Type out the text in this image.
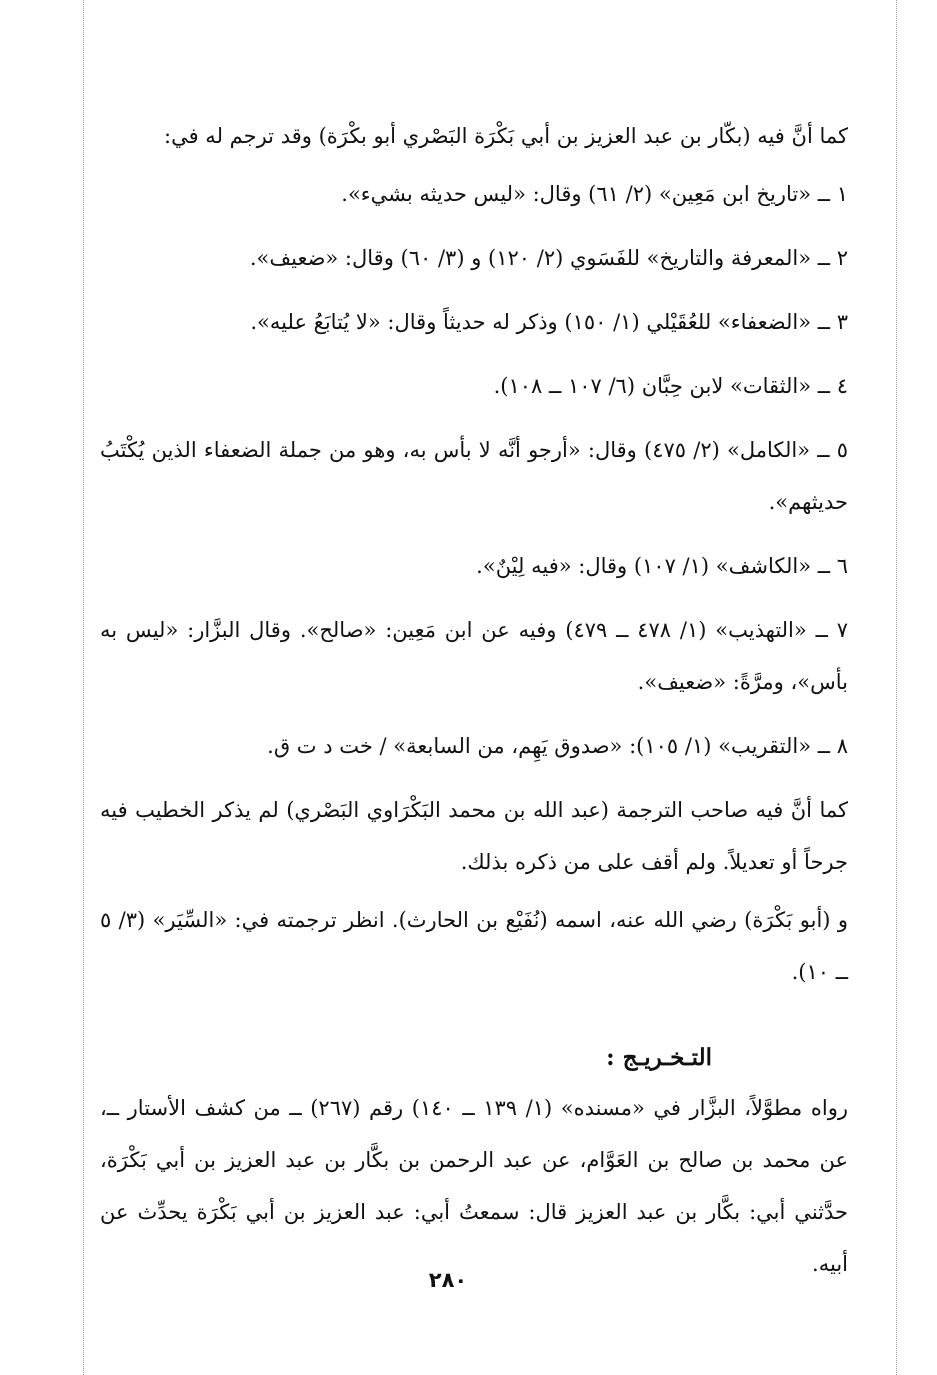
كما أنَّ فيه (بكّار بن عبد العزيز بن أبي بَكْرَة البَصْري أبو بكْرَة) وقد ترجم له في:

١ ــ «تاريخ ابن مَعِين» (٢/ ٦١) وقال: «ليس حديثه بشيء».

٢ ــ «المعرفة والتاريخ» للفَسَوي (٢/ ١٢٠) و (٣/ ٦٠) وقال: «ضعيف».

٣ ــ «الضعفاء» للعُقَيْلي (١/ ١٥٠) وذكر له حديثاً وقال: «لا يُتابَعُ عليه».

٤ ــ «الثقات» لابن حِبَّان (٦/ ١٠٧ ــ ١٠٨).

٥ ــ «الكامل» (٢/ ٤٧٥) وقال: «أرجو أنَّه لا بأس به، وهو من جملة الضعفاء الذين يُكْتَبُ حديثهم».

٦ ــ «الكاشف» (١/ ١٠٧) وقال: «فيه لِيْنٌ».

٧ ــ «التهذيب» (١/ ٤٧٨ ــ ٤٧٩) وفيه عن ابن مَعِين: «صالح». وقال البزَّار: «ليس به بأس»، ومرَّةً: «ضعيف».

٨ ــ «التقريب» (١/ ١٠٥): «صدوق يَهِم، من السابعة» / خت د ت ق.

كما أنَّ فيه صاحب الترجمة (عبد الله بن محمد البَكْرَاوي البَصْري) لم يذكر الخطيب فيه جرحاً أو تعديلاً. ولم أقف على من ذكره بذلك.

و (أبو بَكْرَة) رضي الله عنه، اسمه (نُفَيْع بن الحارث). انظر ترجمته في: «السِّيَر» (٣/ ٥ ــ ١٠).

التـخـريـج :

رواه مطوَّلاً، البزَّار في «مسنده» (١/ ١٣٩ ــ ١٤٠) رقم (٢٦٧) ــ من كشف الأستار ــ، عن محمد بن صالح بن العَوَّام، عن عبد الرحمن بن بكَّار بن عبد العزيز بن أبي بَكْرَة، حدَّثني أبي: بكَّار بن عبد العزيز قال: سمعتُ أبي: عبد العزيز بن أبي بَكْرَة يحدِّث عن أبيه.

٢٨٠
